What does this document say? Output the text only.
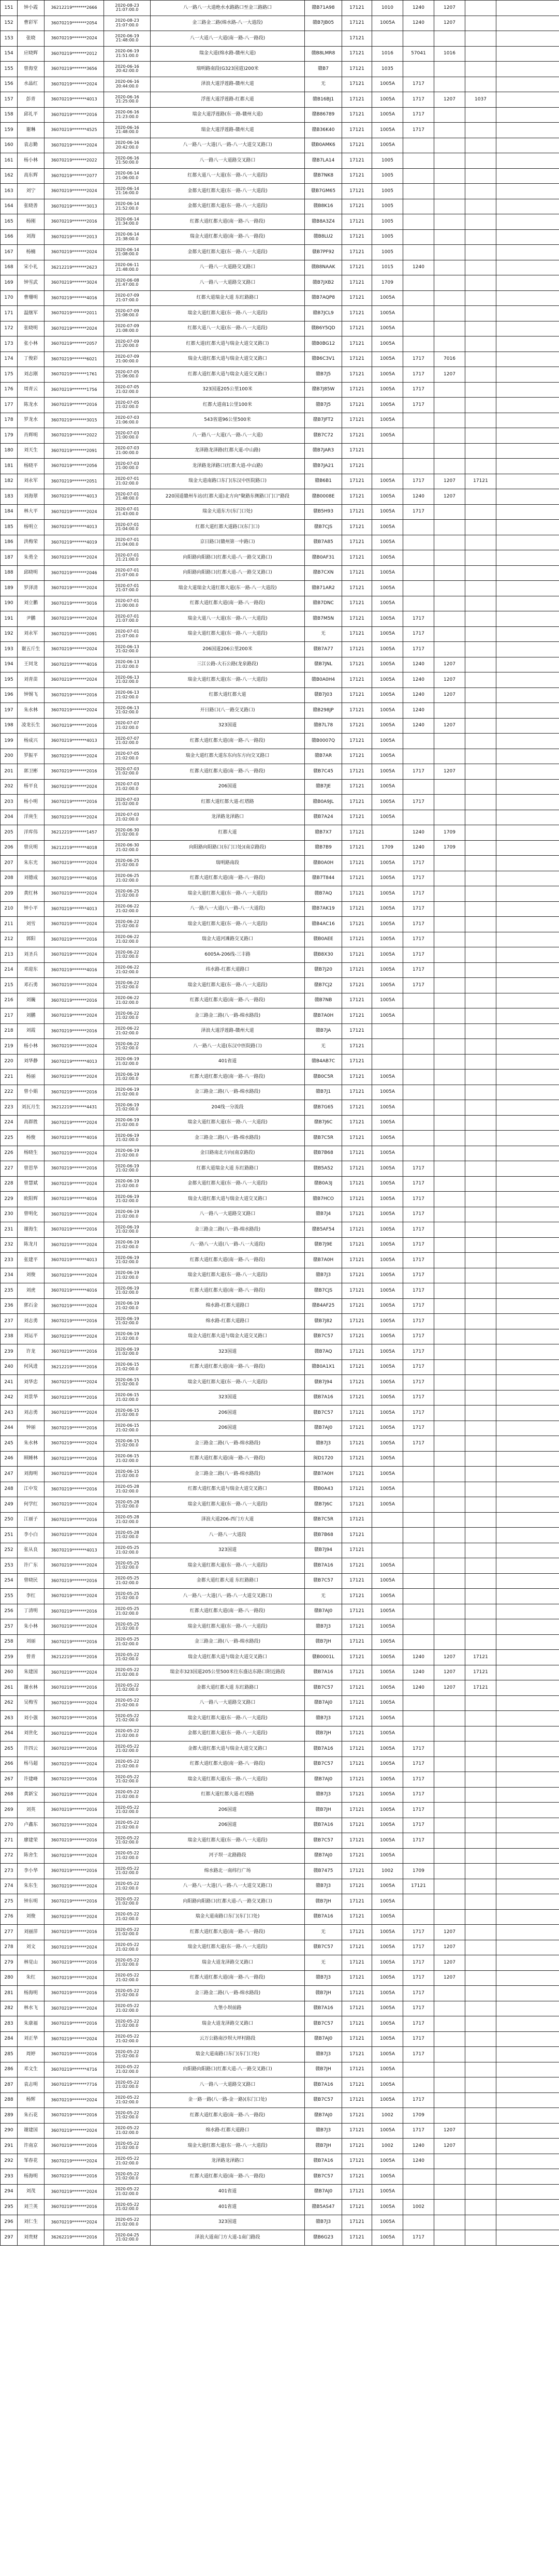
151	钟小霞	36212219*******2666	2020-08-23
21:07:00.0	八一路八一大道绝水水路路口至金三路路口	赣B71A98	17121	1010	1240	1207		
152	曹彩军	36070219*******2054	2020-08-23
21:07:00.0	金三路金二路(绵水路-八一大道段)	赣B7JB05	17121	1005A	1240	1207		
153	张晓	36070219*******2024	2020-06-19
21:48:00.0	八一大道八一大道(南一路-八一路段)		17121					
154	应晓辉	36070219*******2012	2020-06-19
21:51:00.0	瑞金大道(绵水路-赣州大道)	赣B8LMR8	17121	1016	57041	1016		
155	曾海堂	36070219*******3656	2020-06-16
20:42:00.0	瑞明路南段(G323国道)200米	赣B7	17121	1035				
156	水晶红	36070219*******2024	2020-06-16
20:44:00.0	泽浪大道浮莲路-赣州大道	无	17121	1005A	1717			
157	彭青	36070219*******4013	2020-06-16
21:25:00.0	浮莲大道浮莲路-红都大道	赣B16BJ1	17121	1005A	1717	1207	1037	
158	邱礼平	36070219*******2016	2020-06-16
21:23:00.0	瑞金大道浮莲路(东一路-赣州大道)	赣B86789	17121	1005A	1717			
159	谢琳	36070219*******4525	2020-06-16
21:48:00.0	瑞金大道浮莲路-赣州大道	赣B36K40	17121	1005A	1717			
160	袁志勤	36070219*******2024	2020-06-16
20:42:00.0	八一路八一大道(八一路-八一大道交叉路口)	赣B0AMK6	17121	1005A				
161	杨小林	36070219*******2022	2020-06-16
21:50:00.0	八一路八一大道路交叉路口	赣B7LA14	17121	1005				
162	高东辉	36070219*******2077	2020-06-14
21:06:00.0	红都大道八一大道(东一路-八一大道段)	赣B7NK8	17121	1005				
163	刘宁	36070219*******2024	2020-06-14
21:16:00.0	金都大道红都大道(东一路-八一大道段)	赣B7GM65	17121	1005				
164	张晓善	36070219*******3013	2020-06-14
21:52:00.0	金都大道红都大道(东一路-八一大道段)	赣B8K16	17121	1005				
165	杨刚	36070219*******2016	2020-06-14
21:34:00.0	红都大道红都大道(南一路-八一路段)	赣B8A3Z4	17121	1005				
166	刘海	36070219*******2013	2020-06-14
21:38:00.0	瑞金大道红都大道(南一路-八一路段)	赣B8LU2	17121	1005				
167	杨楠	36070219*******2024	2020-06-14
21:08:00.0	金都大道红都大道(东一路-八一大道段)	赣B7PF92	17121	1005				
168	宋小礼	36212219*******2623	2020-06-11
21:48:00.0	八一路八一大道路交叉路口	赣B8NAAK	17121	1015	1240			
169	钟雪武	36070219*******3024	2020-06-08
21:47:00.0	八一路八一大道路交叉路口	赣B7JXB2	17121	1709				
170	曹珊明	36070219*******4016	2020-07-09
21:07:00.0	红都大道瑞金大道 东红路路口	赣B7AQP8	17121	1005A				
171	温继军	36070219*******2011	2020-07-09
21:08:00.0	瑞金大道红都大道(东一路-八一大道段)	赣B7JCL9	17121	1005A				
172	张晓明	36070219*******2024	2020-07-09
21:08:00.0	红都大道八一大道(东一路-八一大道段)	赣B6Y5QD	17121	1005A				
173	张小林	36070219*******2057	2020-07-09
21:20:00.0	红都大道(红都大道与瑞金大道交叉路口)	赣B0BG12	17121	1005A				
174	丁俊彩	36070219*******6021	2020-07-09
21:00:00.0	瑞金大道红都大道与瑞金大道交叉路口	赣B6C3V1	17121	1005A	1717	7016		
175	刘志刚	36070219*******1761	2020-07-05
21:06:00.0	红都大道红都大道与瑞金大道交叉路口	赣B7J5	17121	1005A	1717	1207		
176	周青云	36070219*******1756	2020-07-05
21:02:00.0	323国道205公里100米	赣B7J85W	17121	1005A	1717			
177	陈龙水	36070219*******2016	2020-07-05
21:02:00.0	红都大道南1公里100米	赣B7J5	17121	1005A	1717			
178	罗龙水	36070219*******3015	2020-07-03
21:06:00.0	543省道96公里500米	赣B7JFT2	17121	1005A				
179	肖辉明	36070219*******2022	2020-07-03
21:00:00.0	八一路八一大道(八一路-八一大道)	赣B7C72	17121	1005A				
180	刘天生	36070219*******2091	2020-07-03
21:00:00.0	龙泽路龙泽路(红都大道-中山路)	赣B7JAR3	17121					
181	杨晓平	36070219*******2056	2020-07-03
21:00:00.0	龙泽路龙泽路口(红都大道-中山路)	赣B7JA21	17121					
182	刘永军	36070219*******2051	2020-07-01
21:02:00.0	瑞金大道南路口东门(东汉中医院路口)	赣B6B1	17121	1005A	1717	1207	17121	
183	刘海翠	36070219*******4013	2020-07-01
21:48:00.0	220国道赣州车站(红都大道)北方向"聚路东侧路口门口"路段	赣B0008E	17121	1005A	1240	1207		
184	林大平	36070219*******2024	2020-07-01
21:43:00.0	瑞金大道东方(东门口处)	赣B5H93	17121	1005A	1717			
185	杨明立	36070219*******4013	2020-07-01
21:04:00.0	红都大道红都大道路口(东门口)	赣B7CJS	17121	1005A				
186	洪梅荣	36070219*******4019	2020-07-01
21:04:00.0	京日路口(赣州第一中路口)	赣B7A85	17121	1005A				
187	朱勇全	36070219*******2024	2020-07-01
21:21:00.0	向阳路向阳路口(红都大道-八一路交叉路口)	赣B0AF31	17121	1005A				
188	邱晓明	36070219*******2046	2020-07-01
21:07:00.0	向阳路向阳路口(红都大道-八一路交叉路口)	赣B7CXN	17121	1005A				
189	罗泽清	36070219*******2024	2020-07-01
21:07:00.0	瑞金大道瑞金大道红都大道(东一路-八一大道段)	赣B71AR2	17121	1005A				
190	刘立鹏	36070219*******3016	2020-07-01
21:00:00.0	红都大道红都大道(南一路-八一路段)	赣B7DNC	17121	1005A				
191	尹鹏	36070219*******2024	2020-07-01
21:07:00.0	瑞金大道八一大道(东一路-八一大道段)	赣B7M5N	17121	1005A	1717			
192	刘永军	36070219*******2091	2020-07-01
21:07:00.0	瑞金大道红都大道(东一路-八一大道段)	无	17121	1005A	1717			
193	谢五斤生	36070219*******2024	2020-06-13
21:02:00.0	206国道206公里200米	赣B7A77	17121	1005A	1717			
194	王同龙	36070219*******4016	2020-06-13
21:02:00.0	三江公路-大石公路(龙泉路段)	赣B7JNL	17121	1005A	1240	1207		
195	刘青苗	36070219*******2024	2020-06-13
21:02:00.0	瑞金大道红都大道(东一路-八一大道段)	赣B0A0H4	17121	1005A	1240	1207		
196	钟锡飞	36070219*******2016	2020-06-13
21:02:00.0	红都大道红都大道	赣B7J03	17121	1005A	1240	1207		
197	朱水林	36070219*******2024	2020-06-13
21:02:00.0	开日路口(八一路交叉路口)	赣B298JP	17121	1005A	1240			
198	凌龙长生	36070219*******2016	2020-07-07
21:02:00.0	323国道	赣B7L78	17121	1005A	1240	1207		
199	杨成兴	36070219*******4013	2020-07-07
21:02:00.0	红都大道红都大道(南一路-八一路段)	赣B0007Q	17121	1005A				
200	罗振平	36070219*******2024	2020-07-05
21:02:00.0	瑞金大道红都大道东东向东方向交叉路口	赣B7AR	17121	1005A				
201	郭卫彬	36070219*******2016	2020-07-03
21:02:00.0	红都大道红都大道(南一路-八一路段)	赣B7C45	17121	1005A	1717	1207		
202	杨平良	36070219*******2024	2020-07-03
21:02:00.0	206国道	赣B7JE	17121	1005A				
203	杨小明	36070219*******2016	2020-07-03
21:02:00.0	红都大道红都大道-红塔路	赣B0A9JL	17121	1005A	1717			
204	洋庚生	36070219*******2024	2020-07-03
21:02:00.0	龙泽路龙泽路口	赣B7A24	17121	1005A				
205	洋库伟	36212219*******1457	2020-06-30
21:02:00.0	红都大道	赣B7X7	17121		1240	1709		
206	曾庆明	36212219*******4018	2020-06-30
21:02:00.0	向阳路向阳路口(东门口处)(南京路段)	赣B7B9	17121	1709	1240	1709		
207	朱东光	36070219*******2024	2020-06-25
21:02:00.0	瑞明路南段	赣B0A0H	17121	1005A	1717			
208	刘德成	36070219*******4016	2020-06-25
21:02:00.0	红都大道红都大道(南一路-八一路段)	赣B7T844	17121	1005A	1717			
209	黄红林	36070219*******2024	2020-06-25
21:02:00.0	瑞金大道红都大道(东一路-八一大道段)	赣B7AQ	17121	1005A	1717			
210	钟小平	36070219*******4013	2020-06-22
21:02:00.0	八一路八一大道(八一路-八一大道段)	赣B7AK19	17121	1005A	1717			
211	刘雪	36070219*******2024	2020-06-22
21:02:00.0	瑞金大道红都大道(东一路-八一大道段)	赣B4AC16	17121	1005A	1717			
212	郭阳	36070219*******2016	2020-06-22
21:02:00.0	瑞金大道河滩路交叉路口	赣B0AEE	17121	1005A	1717			
213	刘圣兵	36070219*******2024	2020-06-22
21:02:00.0	6005A-206线-三丰路	赣B8X30	17121	1005A	1717			
214	邓迎东	36070219*******4016	2020-06-22
21:02:00.0	纬水路-红都大道路口	赣B7J20	17121	1005A	1717			
215	邓石勇	36070219*******2024	2020-06-22
21:02:00.0	瑞金大道红都大道(东一路-八一大道段)	赣B7CJ2	17121	1005A	1717			
216	刘巍	36070219*******2016	2020-06-22
21:02:00.0	红都大道红都大道(南一路-八一路段)	赣B7NB	17121	1005A				
217	刘鹏	36070219*******2024	2020-06-22
21:02:00.0	金三路金二路(八一路-绵水路段)	赣B7A0H	17121	1005A				
218	刘霞	36070219*******2016	2020-06-22
21:02:00.0	泽浪大道浮莲路-赣州大道	赣B7JA	17121					
219	杨小林	36070219*******2024	2020-06-22
21:02:00.0	八一路八一大道(东汉中医院路口)	无	17121					
220	刘华静	36070219*******4013	2020-06-19
21:02:00.0	401省道	赣B4AB7C	17121					
221	杨丽	36070219*******2024	2020-06-19
21:02:00.0	红都大道红都大道(南一路-八一路段)	赣B0C5R	17121	1005A				
222	曾小娟	36070219*******2016	2020-06-19
21:02:00.0	金三路金二路(八一路-绵水路段)	赣B7J1	17121	1005A				
223	刘瓦月生	36212219*******4431	2020-06-19
21:02:00.0	204线一分流段	赣B7G65	17121	1005A				
224	高群胜	36070219*******2024	2020-06-19
21:02:00.0	瑞金大道红都大道(东一路-八一大道段)	赣B7J6C	17121	1005A				
225	杨俊	36070219*******4016	2020-06-19
21:02:00.0	金三路金二路(八一路-绵水路段)	赣B7C5R	17121	1005A				
226	杨晓生	36070219*******2024	2020-06-19
21:02:00.0	金日路南北方向(南京路段)	赣B7B68	17121	1005A				
227	曾思华	36070219*******2016	2020-06-19
21:02:00.0	红都大道瑞金大道 东红路路口	赣B5A52	17121	1005A	1717			
228	曾慧斌	36070219*******2024	2020-06-19
21:02:00.0	金都大道红都大道(东一路-八一大道段)	赣B0A3J	17121	1005A	1717			
229	欧阳辉	36070219*******4016	2020-06-19
21:02:00.0	瑞金大道红都大道与瑞金大道交叉路口	赣B7HCO	17121	1005A	1717			
230	曾明化	36070219*******2024	2020-06-19
21:02:00.0	八一路八一大道路交叉路口	赣B7J4	17121	1005A	1717			
231	谢海生	36070219*******2016	2020-06-19
21:02:00.0	金三路金二路(八一路-绵水路段)	赣B5AF54	17121	1005A	1717			
232	陈龙月	36070219*******2024	2020-06-19
21:02:00.0	八一路八一大道(八一路-八一大道段)	赣B7J9E	17121	1005A	1717			
233	张建平	36070219*******4013	2020-06-19
21:02:00.0	红都大道红都大道(南一路-八一路段)	赣B7A0H	17121	1005A	1717			
234	刘俊	36070219*******2024	2020-06-19
21:02:00.0	瑞金大道红都大道(东一路-八一大道段)	赣B7J3	17121	1005A	1717			
235	刘虎	36070219*******4016	2020-06-19
21:02:00.0	红都大道红都大道(南一路-八一路段)	赣B7CJS	17121	1005A	1717			
236	郭石金	36070219*******2024	2020-06-19
21:02:00.0	绵水路-红都大道路口	赣B4AF25	17121	1005A	1717			
237	刘志勇	36070219*******2016	2020-06-19
21:02:00.0	绵水路-红都大道路口	赣B7J82	17121	1005A	1717			
238	刘运平	36070219*******2024	2020-06-19
21:02:00.0	瑞金大道红都大道与瑞金大道交叉路口	赣B7C57	17121	1005A	1717			
239	许龙	36070219*******2016	2020-06-19
21:02:00.0	323国道	赣B7AQ	17121	1005A	1717			
240	何风进	36212219*******2016	2020-06-15
21:02:00.0	红都大道红都大道(南一路-八一路段)	赣B0A1X1	17121	1005A	1717			
241	刘华忠	36070219*******2024	2020-06-15
21:02:00.0	瑞金大道红都大道(东一路-八一大道段)	赣B7J94	17121	1005A	1717			
242	刘景华	36070219*******2016	2020-06-15
21:02:00.0	323国道	赣B7A16	17121	1005A	1717			
243	刘志勇	36070219*******2024	2020-06-15
21:02:00.0	206国道	赣B7C57	17121	1005A	1717			
244	钟丽	36070219*******2016	2020-06-15
21:02:00.0	206国道	赣B7AJ0	17121	1005A	1717			
245	朱水林	36070219*******2024	2020-06-15
21:02:00.0	金三路金二路(八一路-绵水路段)	赣B7J3	17121	1005A	1717			
246	顾睡林	36070219*******2016	2020-06-15
21:02:00.0	红都大道红都大道(南一路-八一路段)	闽D1720	17121	1005A				
247	刘海明	36070219*******2024	2020-06-15
21:02:00.0	金三路金二路(八一路-绵水路段)	赣B7A0H	17121	1005A				
248	江中发	36070219*******2016	2020-05-28
21:02:00.0	红都大道红都大道与瑞金大道交叉路口	赣B0A43	17121	1005A				
249	何学红	36070219*******2024	2020-05-28
21:02:00.0	瑞金大道红都大道(东一路-八一大道段)	赣B7J6C	17121	1005A				
250	江丽子	36070219*******2016	2020-05-28
21:02:00.0	泽浪大道206-西门方大道	赣B7C5R	17121					
251	李小白	36070219*******2024	2020-05-28
21:02:00.0	八一路八一大道段	赣B7B68	17121					
252	张从良	36070219*******4013	2020-05-25
21:02:00.0	323国道	赣B7J94	17121					
253	许广东	36070219*******2024	2020-05-25
21:02:00.0	瑞金大道红都大道(东一路-八一大道段)	赣B7A16	17121	1005A				
254	曾晓民	36070219*******2016	2020-05-25
21:02:00.0	金都大道红都大道 东红路路口	赣B7C57	17121	1005A				
255	李红	36070219*******2024	2020-05-25
21:02:00.0	八一路八一大道(八一路-八一大道交叉路口)	无	17121	1005A				
256	丁清明	36070219*******2016	2020-05-25
21:02:00.0	红都大道红都大道(南一路-八一路段)	赣B7AJ0	17121	1005A				
257	朱小林	36070219*******2024	2020-05-25
21:02:00.0	瑞金大道红都大道(东一路-八一大道段)	赣B7J3	17121	1005A				
258	刘丽	36070219*******2016	2020-05-25
21:02:00.0	金三路金二路(八一路-绵水路段)	赣B7JH	17121	1005A				
259	曾青	36212219*******2016	2020-05-22
21:02:00.0	瑞金大道红都大道与瑞金大道交叉路口	赣B0001L	17121	1005A	1240	1207	17121	
260	朱建国	36070219*******2024	2020-05-22
21:02:00.0	瑞金市323国道205公里500米往东盛达东路口附近路段	赣B7A16	17121	1005A	1240	1207	17121	
261	谢水林	36070219*******2016	2020-05-22
21:02:00.0	金都大道红都大道 东红路路口	赣B7C57	17121	1005A	1240	1207	17121	
262	吴梅雪	36070219*******2024	2020-05-22
21:02:00.0	八一路八一大道路交叉路口	赣B7AJ0	17121	1005A				
263	刘小强	36070219*******2016	2020-05-22
21:02:00.0	瑞金大道红都大道(东一路-八一大道段)	赣B7J3	17121	1005A				
264	刘世化	36070219*******2024	2020-05-22
21:02:00.0	金都大道红都大道(东一路-八一大道段)	赣B7JH	17121	1005A				
265	许四云	36070219*******2016	2020-05-22
21:02:00.0	金都大道红都大道与瑞金大道交叉路口	赣B7A16	17121	1005A	1717			
266	杨马超	36070219*******2024	2020-05-22
21:02:00.0	红都大道红都大道(南一路-八一路段)	赣B7C57	17121	1005A	1717			
267	许建峰	36070219*******2016	2020-05-22
21:02:00.0	瑞金大道红都大道(东一路-八一大道段)	赣B7AJ0	17121	1005A	1717			
268	黄新宝	36070219*******2024	2020-05-22
21:02:00.0	红都大道红都大道-红塔路	赣B7J3	17121	1005A	1717			
269	刘英	36070219*******2016	2020-05-22
21:02:00.0	206国道	赣B7JH	17121	1005A	1717			
270	卢鑫东	36070219*******2024	2020-05-22
21:02:00.0	206国道	赣B7A16	17121	1005A	1717			
271	廖建荣	36070219*******2016	2020-05-22
21:02:00.0	瑞金大道红都大道(东一路-八一大道段)	赣B7C57	17121	1005A	1717			
272	陈舍生	36070219*******2024	2020-05-22
21:02:00.0	河子坝一北路路段	赣B7AJ0	17121	1005A				
273	李小华	36070219*******2016	2020-05-22
21:02:00.0	绵水路北一南纬行广场	赣B7475	17121	1002	1709			
274	朱东生	36070219*******2024	2020-05-22
21:02:00.0	八一路八一大道(八一路-八一大道交叉路口)	赣B7J3	17121	1005A	17121			
275	钟东明	36070219*******2016	2020-05-22
21:02:00.0	向阳路向阳路口(红都大道-八一路交叉路口)	赣B7JH	17121	1005A				
276	刘俊	36070219*******2024	2020-05-22
21:02:00.0	瑞金大道南路口东门(东门口处)	赣B7A16	17121	1005A				
277	刘丽萍	36070219*******2016	2020-05-22
21:02:00.0	红都大道红都大道(南一路-八一路段)	无	17121	1005A	1717	1207		
278	刘文	36070219*******2024	2020-05-22
21:02:00.0	瑞金大道红都大道(东一路-八一大道段)	赣B7C57	17121	1005A	1717	1207		
279	林觉山	36070219*******2016	2020-05-22
21:02:00.0	瑞金大道龙泽路交叉路口	无	17121	1005A	1717	1207		
280	朱红	36070219*******2024	2020-05-22
21:02:00.0	红都大道红都大道(南一路-八一路段)	赣B7J3	17121	1005A	1717	1207		
281	杨海明	36070219*******2016	2020-05-22
21:02:00.0	金三路金二路(八一路-绵水路段)	赣B7JH	17121	1005A	1717			
282	林水飞	36070219*******2024	2020-05-22
21:02:00.0	九堡小坝前路	赣B7A16	17121	1005A	1717			
283	朱康福	36070219*******2016	2020-05-22
21:02:00.0	瑞金大道龙泽路交叉路口	赣B7C57	17121	1005A	1717			
284	刘正华	36070219*******2024	2020-05-22
21:02:00.0	云万公路南沙坝大坪村路段	赣B7AJ0	17121	1005A	1717			
285	周婷	36070219*******2016	2020-05-22
21:02:00.0	瑞金大道南路口东门(东门口处)	赣B7J3	17121	1005A	1717			
286	邓文生	36070219*******4716	2020-05-22
21:02:00.0	向阳路向阳路口(红都大道-八一路交叉路口)	赣B7JH	17121	1005A				
287	袁志明	36070219*******7716	2020-05-22
21:02:00.0	八一路八一大道路交叉路口	赣B7A16	17121	1005A				
288	杨辉	36070219*******2024	2020-05-22
21:02:00.0	金一路一路(八一路-金一路)(东门口处)	赣B7C57	17121	1005A	1717			
289	朱石花	36070219*******2016	2020-05-22
21:02:00.0	红都大道红都大道(南一路-八一路段)	赣B7AJ0	17121	1002	1709			
290	谢建国	36070219*******2024	2020-05-22
21:02:00.0	绵水路-红都大道路口	赣B7J3	17121	1005A	1717	1207		
291	许南京	36070219*******2016	2020-05-22
21:02:00.0	瑞金大道红都大道(东一路-八一大道段)	赣B7JH	17121	1002	1240	1207		
292	邹春花	36070219*******2024	2020-05-22
21:02:00.0	龙泽路龙泽路口	赣B7A16	17121	1005A	1240			
293	杨海明	36070219*******2016	2020-05-22
21:02:00.0	红都大道红都大道(南一路-八一路段)	赣B7C57	17121	1005A				
294	刘茂	36070219*******2024	2020-05-22
21:02:00.0	401省道	赣B7AJ0	17121	1005A				
295	刘兰英	36070219*******2016	2020-05-22
21:02:00.0	401省道	赣B5AS47	17121	1005A	1002			
296	刘仁生	36070219*******2024	2020-05-22
21:02:00.0	323国道	赣B7J3	17121	1005A				
297	刘贵财	36262219*******2016	2020-04-25
21:02:00.0	泽浪大道南门方大道-1南门路段	赣B6G23	17121	1005A	1717			
